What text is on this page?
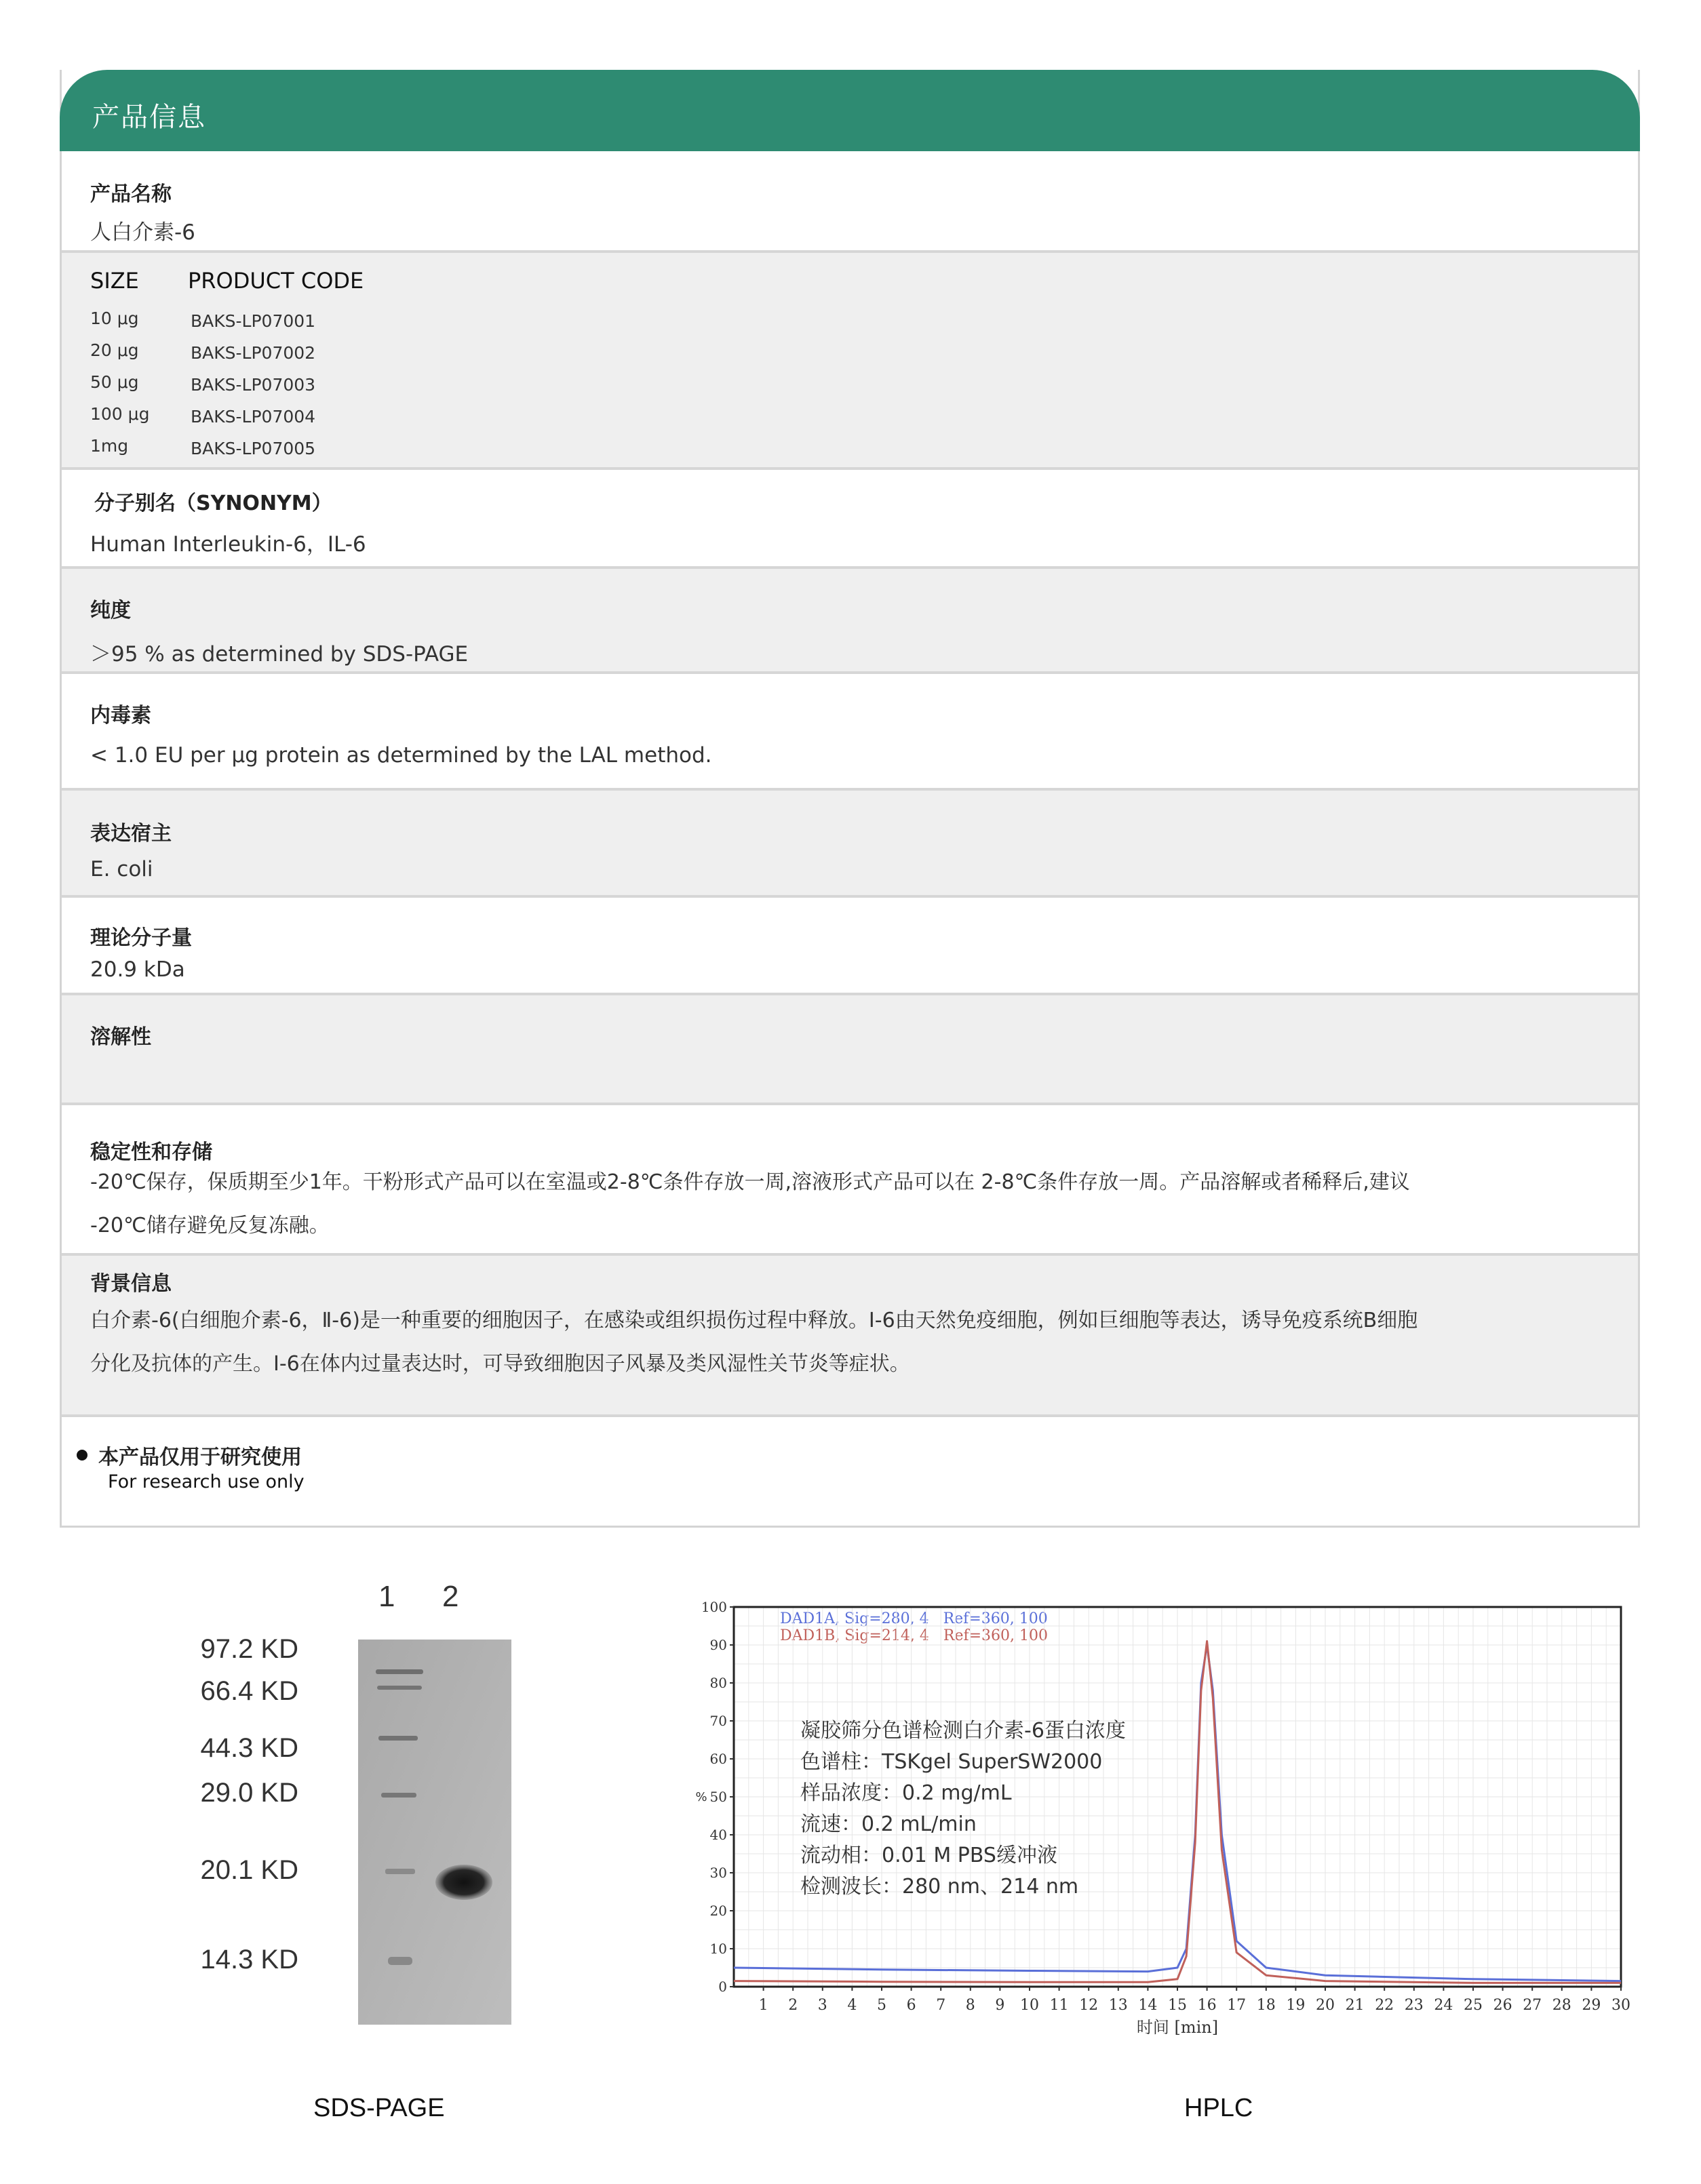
产品信息
产品名称
人白介素-6
SIZE PRODUCT CODE
10 μg	BAKS-LP07001
20 μg	BAKS-LP07002
50 μg	BAKS-LP07003
100 μg BAKS-LP07004
1mg	BAKS-LP07005
分子别名（SYNONYM）
Human Interleukin-6，IL-6
纯度
＞95 % as determined by SDS-PAGE
内毒素
< 1.0 EU per μg protein as determined by the LAL method.
表达宿主
E. coli
理论分子量
20.9 kDa
溶解性
稳定性和存储
-20℃保存，保质期至少1年。干粉形式产品可以在室温或2-8℃条件存放一周,溶液形式产品可以在 2-8℃条件存放一周。产品溶解或者稀释后,建议
-20℃储存避免反复冻融。
背景信息
白介素-6(白细胞介素-6，Ⅱ-6)是一种重要的细胞因子，在感染或组织损伤过程中释放。I-6由天然免疫细胞，例如巨细胞等表达，诱导免疫系统B细胞
分化及抗体的产生。I-6在体内过量表达时，可导致细胞因子风暴及类风湿性关节炎等症状。
本产品仅用于研究使用
For research use only
1 2
97.2 KD
66.4 KD
44.3 KD
29.0 KD
20.1 KD
14.3 KD
SDS-PAGE

DAD1A, Sig=280, 4   Ref=360, 100
DAD1B, Sig=214, 4   Ref=360, 100

0
10
20
30
40
50
60
70
80
90
100
1 2 3 4 5 6 7 8 9 10 11 12 13 14 15 16 17 18 19 20 21 22 23 24 25 26 27 28 29 30
%
时间 [min]
凝胶筛分色谱检测白介素-6蛋白浓度
色谱柱：TSKgel SuperSW2000
样品浓度：0.2 mg/mL
流速：0.2 mL/min
流动相：0.01 M PBS缓冲液
检测波长：280 nm、214 nm
HPLC
